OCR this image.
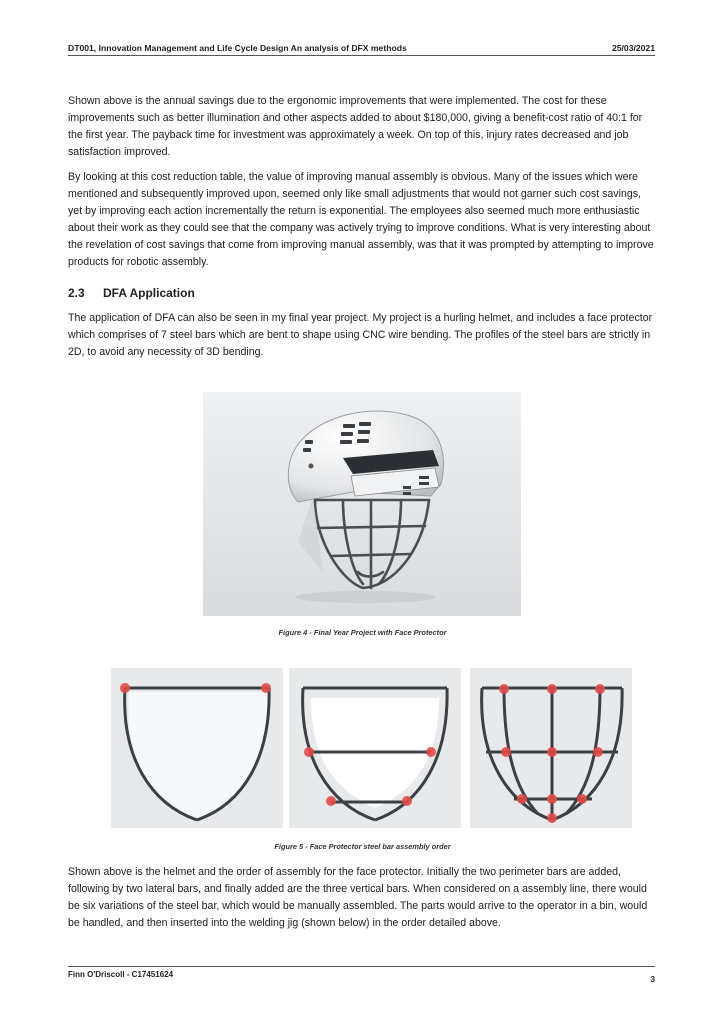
DT001, Innovation Management and Life Cycle Design An analysis of DFX methods	25/03/2021

Shown above is the annual savings due to the ergonomic improvements that were implemented. The cost for these improvements such as better illumination and other aspects added to about $180,000, giving a benefit-cost ratio of 40:1 for the first year. The payback time for investment was approximately a week. On top of this, injury rates decreased and job satisfaction improved.

By looking at this cost reduction table, the value of improving manual assembly is obvious. Many of the issues which were mentioned and subsequently improved upon, seemed only like small adjustments that would not garner such cost savings, yet by improving each action incrementally the return is exponential. The employees also seemed much more enthusiastic about their work as they could see that the company was actively trying to improve conditions. What is very interesting about the revelation of cost savings that come from improving manual assembly, was that it was prompted by attempting to improve products for robotic assembly.

2.3 DFA Application

The application of DFA can also be seen in my final year project. My project is a hurling helmet, and includes a face protector which comprises of 7 steel bars which are bent to shape using CNC wire bending. The profiles of the steel bars are strictly in 2D, to avoid any necessity of 3D bending.

Figure 4 - Final Year Project with Face Protector
Figure 5 - Face Protector steel bar assembly order

Shown above is the helmet and the order of assembly for the face protector. Initially the two perimeter bars are added, following by two lateral bars, and finally added are the three vertical bars. When considered on a assembly line, there would be six variations of the steel bar, which would be manually assembled. The parts would arrive to the operator in a bin, would be handled, and then inserted into the welding jig (shown below) in the order detailed above.

Finn O'Driscoll - C17451624
3
